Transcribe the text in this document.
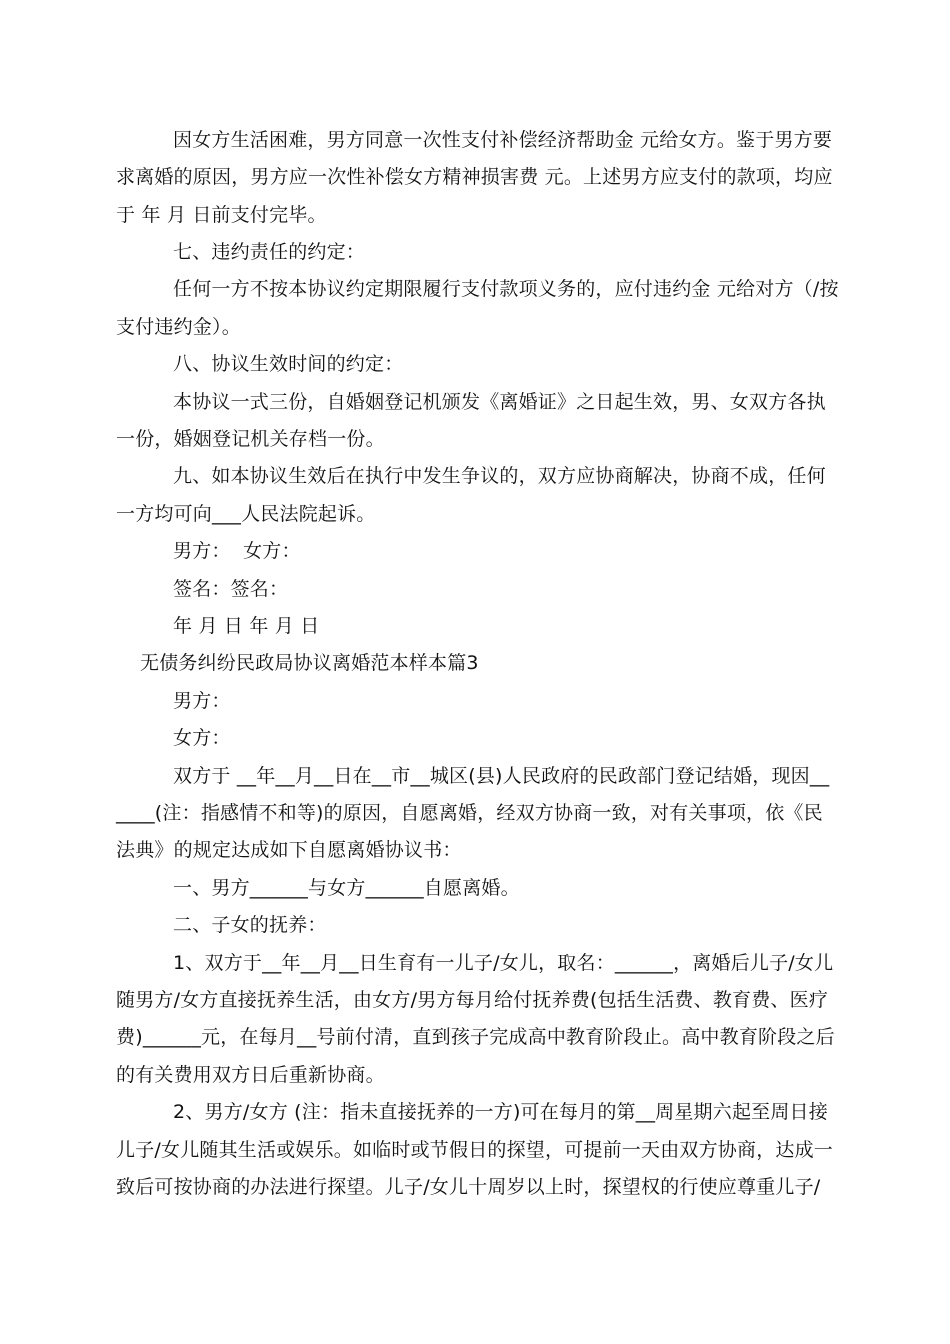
因女方生活困难，男方同意一次性支付补偿经济帮助金 元给女方。鉴于男方要
求离婚的原因，男方应一次性补偿女方精神损害费 元。上述男方应支付的款项，均应
于 年 月 日前支付完毕。
七、违约责任的约定：
任何一方不按本协议约定期限履行支付款项义务的，应付违约金 元给对方（/按
支付违约金）。
八、协议生效时间的约定：
本协议一式三份，自婚姻登记机颁发《离婚证》之日起生效，男、女双方各执
一份，婚姻登记机关存档一份。
九、如本协议生效后在执行中发生争议的，双方应协商解决，协商不成，任何
一方均可向___人民法院起诉。
男方：  女方：
签名：签名：
年 月 日 年 月 日
无债务纠纷民政局协议离婚范本样本篇3
男方：
女方：
双方于 __年__月__日在__市__城区(县)人民政府的民政部门登记结婚，现因__
____(注：指感情不和等)的原因，自愿离婚，经双方协商一致，对有关事项，依《民
法典》的规定达成如下自愿离婚协议书：
一、男方______与女方______自愿离婚。
二、子女的抚养：
1、双方于__年__月__日生育有一儿子/女儿，取名：______，离婚后儿子/女儿
随男方/女方直接抚养生活，由女方/男方每月给付抚养费(包括生活费、教育费、医疗
费)______元，在每月__号前付清，直到孩子完成高中教育阶段止。高中教育阶段之后
的有关费用双方日后重新协商。
2、男方/女方 (注：指未直接抚养的一方)可在每月的第__周星期六起至周日接
儿子/女儿随其生活或娱乐。如临时或节假日的探望，可提前一天由双方协商，达成一
致后可按协商的办法进行探望。儿子/女儿十周岁以上时，探望权的行使应尊重儿子/
